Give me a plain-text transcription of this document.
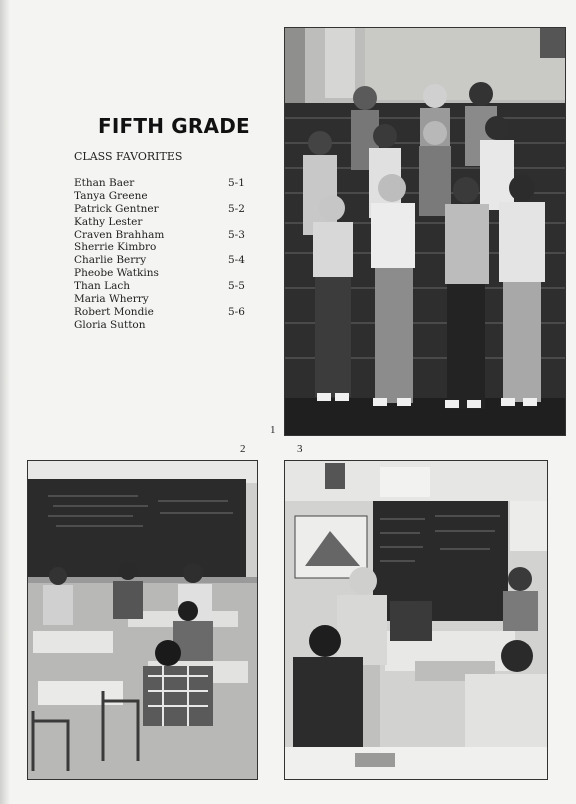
FIFTH GRADE
CLASS FAVORITES
Ethan Baer	5-1
Tanya Greene
Patrick Gentner	5-2
Kathy Lester
Craven Brahham	5-3
Sherrie Kimbro
Charlie Berry	5-4
Pheobe Watkins
Than Lach	5-5
Maria Wherry
Robert Mondie	5-6
Gloria Sutton
1
2	3
